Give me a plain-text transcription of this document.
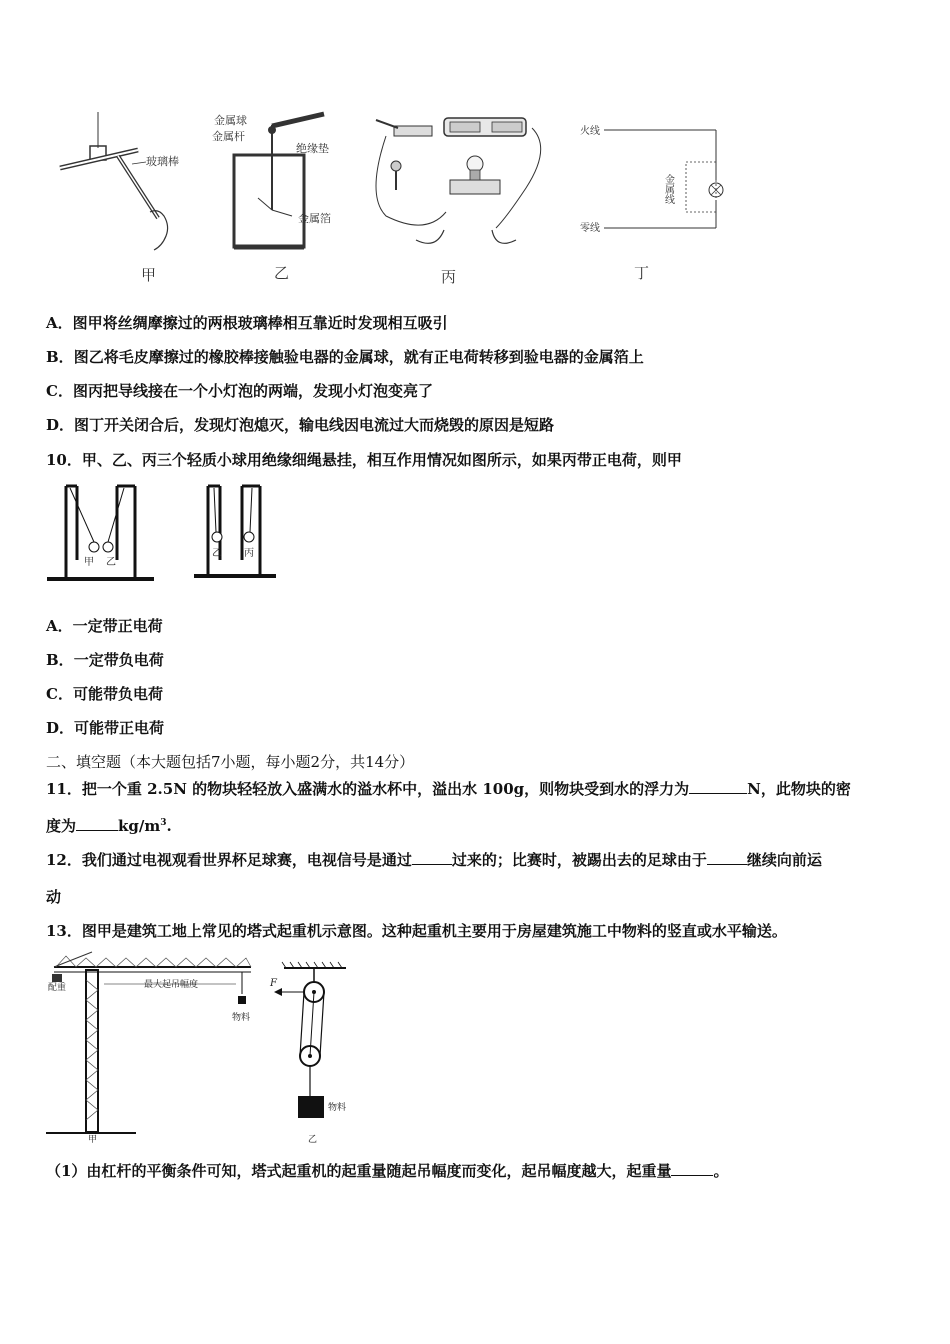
玻璃棒
甲
金属球
金属杆
绝缘垫
金属箔
乙	丙
火线
零线
金属线
丁
A．图甲将丝绸摩擦过的两根玻璃棒相互靠近时发现相互吸引
B．图乙将毛皮摩擦过的橡胶棒接触验电器的金属球，就有正电荷转移到验电器的金属箔上
C．图丙把导线接在一个小灯泡的两端，发现小灯泡变亮了
D．图丁开关闭合后，发现灯泡熄灭，输电线因电流过大而烧毁的原因是短路
10．甲、乙、丙三个轻质小球用绝缘细绳悬挂，相互作用情况如图所示，如果丙带正电荷，则甲
甲 乙
乙 丙
A．一定带正电荷
B．一定带负电荷
C．可能带负电荷
D．可能带正电荷
二、填空题（本大题包括7小题，每小题2分，共14分）
11．把一个重 2.5N 的物块轻轻放入盛满水的溢水杯中，溢出水 100g，则物块受到水的浮力为	N，此物块的密
度为	$kg/m^3$.
12．我们通过电视观看世界杯足球赛，电视信号是通过	过来的；比赛时，被踢出去的足球由于	继续向前运
动
13．图甲是建筑工地上常见的塔式起重机示意图。这种起重机主要用于房屋建筑施工中物料的竖直或水平输送。
配重	最大起吊幅度
物料
甲
F
物料
乙
（1）由杠杆的平衡条件可知，塔式起重机的起重量随起吊幅度而变化，起吊幅度越大，起重量	。
